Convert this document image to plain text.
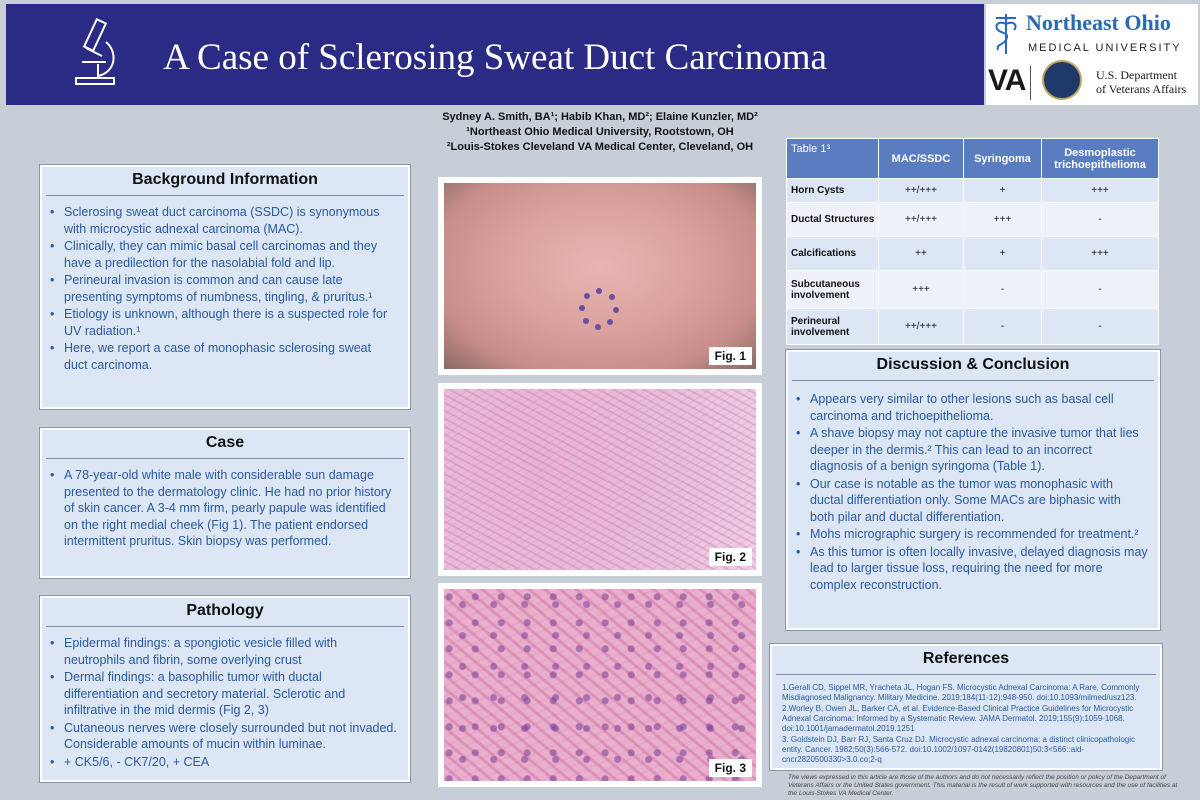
A Case of Sclerosing Sweat Duct Carcinoma
Northeast Ohio
MEDICAL UNIVERSITY
VA	U.S. Department
of Veterans Affairs
Sydney A. Smith, BA¹; Habib Khan, MD²; Elaine Kunzler, MD²
¹Northeast Ohio Medical University, Rootstown, OH
²Louis-Stokes Cleveland VA Medical Center, Cleveland, OH
Background Information
• Sclerosing sweat duct carcinoma (SSDC) is synonymous with microcystic adnexal carcinoma (MAC).
• Clinically, they can mimic basal cell carcinomas and they have a predilection for the nasolabial fold and lip.
• Perineural invasion is common and can cause late presenting symptoms of numbness, tingling, & pruritus.¹
• Etiology is unknown, although there is a suspected role for UV radiation.¹
• Here, we report a case of monophasic sclerosing sweat duct carcinoma.
Case
• A 78-year-old white male with considerable sun damage presented to the dermatology clinic. He had no prior history of skin cancer. A 3-4 mm firm, pearly papule was identified on the right medial cheek (Fig 1). The patient endorsed intermittent pruritus. Skin biopsy was performed.
Pathology
• Epidermal findings: a spongiotic vesicle filled with neutrophils and fibrin, some overlying crust
• Dermal findings: a basophilic tumor with ductal differentiation and secretory material. Sclerotic and infiltrative in the mid dermis (Fig 2, 3)
• Cutaneous nerves were closely surrounded but not invaded. Considerable amounts of mucin within luminae.
• + CK5/6, - CK7/20, + CEA
Fig. 1
Fig. 2
Fig. 3
Table 1³	MAC/SSDC	Syringoma	Desmoplastic trichoepithelioma
Horn Cysts	++/+++	+	+++
Ductal Structures	++/+++	+++	-
Calcifications	++	+	+++
Subcutaneous involvement	+++	-	-
Perineural involvement	++/+++	-	-
Discussion & Conclusion
• Appears very similar to other lesions such as basal cell carcinoma and trichoepithelioma.
• A shave biopsy may not capture the invasive tumor that lies deeper in the dermis.² This can lead to an incorrect diagnosis of a benign syringoma (Table 1).
• Our case is notable as the tumor was monophasic with ductal differentiation only. Some MACs are biphasic with both pilar and ductal differentiation.
• Mohs micrographic surgery is recommended for treatment.²
• As this tumor is often locally invasive, delayed diagnosis may lead to larger tissue loss, requiring the need for more complex reconstruction.
References

1.Gerall CD, Sippel MR, Yracheta JL, Hogan FS. Microcystic Adnexal Carcinoma: A Rare, Commonly Misdiagnosed Malignancy. Military Medicine. 2019;184(11-12):948-950. doi:10.1093/milmed/usz123.

2.Worley B, Owen JL, Barker CA, et al. Evidence-Based Clinical Practice Guidelines for Microcystic Adnexal Carcinoma: Informed by a Systematic Review. JAMA Dermatol. 2019;155(9):1059-1068. doi:10.1001/jamadermatol.2019.1251

3. Goldstein DJ, Barr RJ, Santa Cruz DJ. Microcystic adnexal carcinoma: a distinct clinicopathologic entity. Cancer. 1982;50(3):566-572. doi:10.1002/1097-0142(19820801)50:3<566::aid-cncr2820500330>3.0.co;2-q

The views expressed in this article are those of the authors and do not necessarily reflect the position or policy of the Department of Veterans Affairs or the United States government. This material is the result of work supported with resources and the use of facilities at the Louis-Stokes VA Medical Center.
